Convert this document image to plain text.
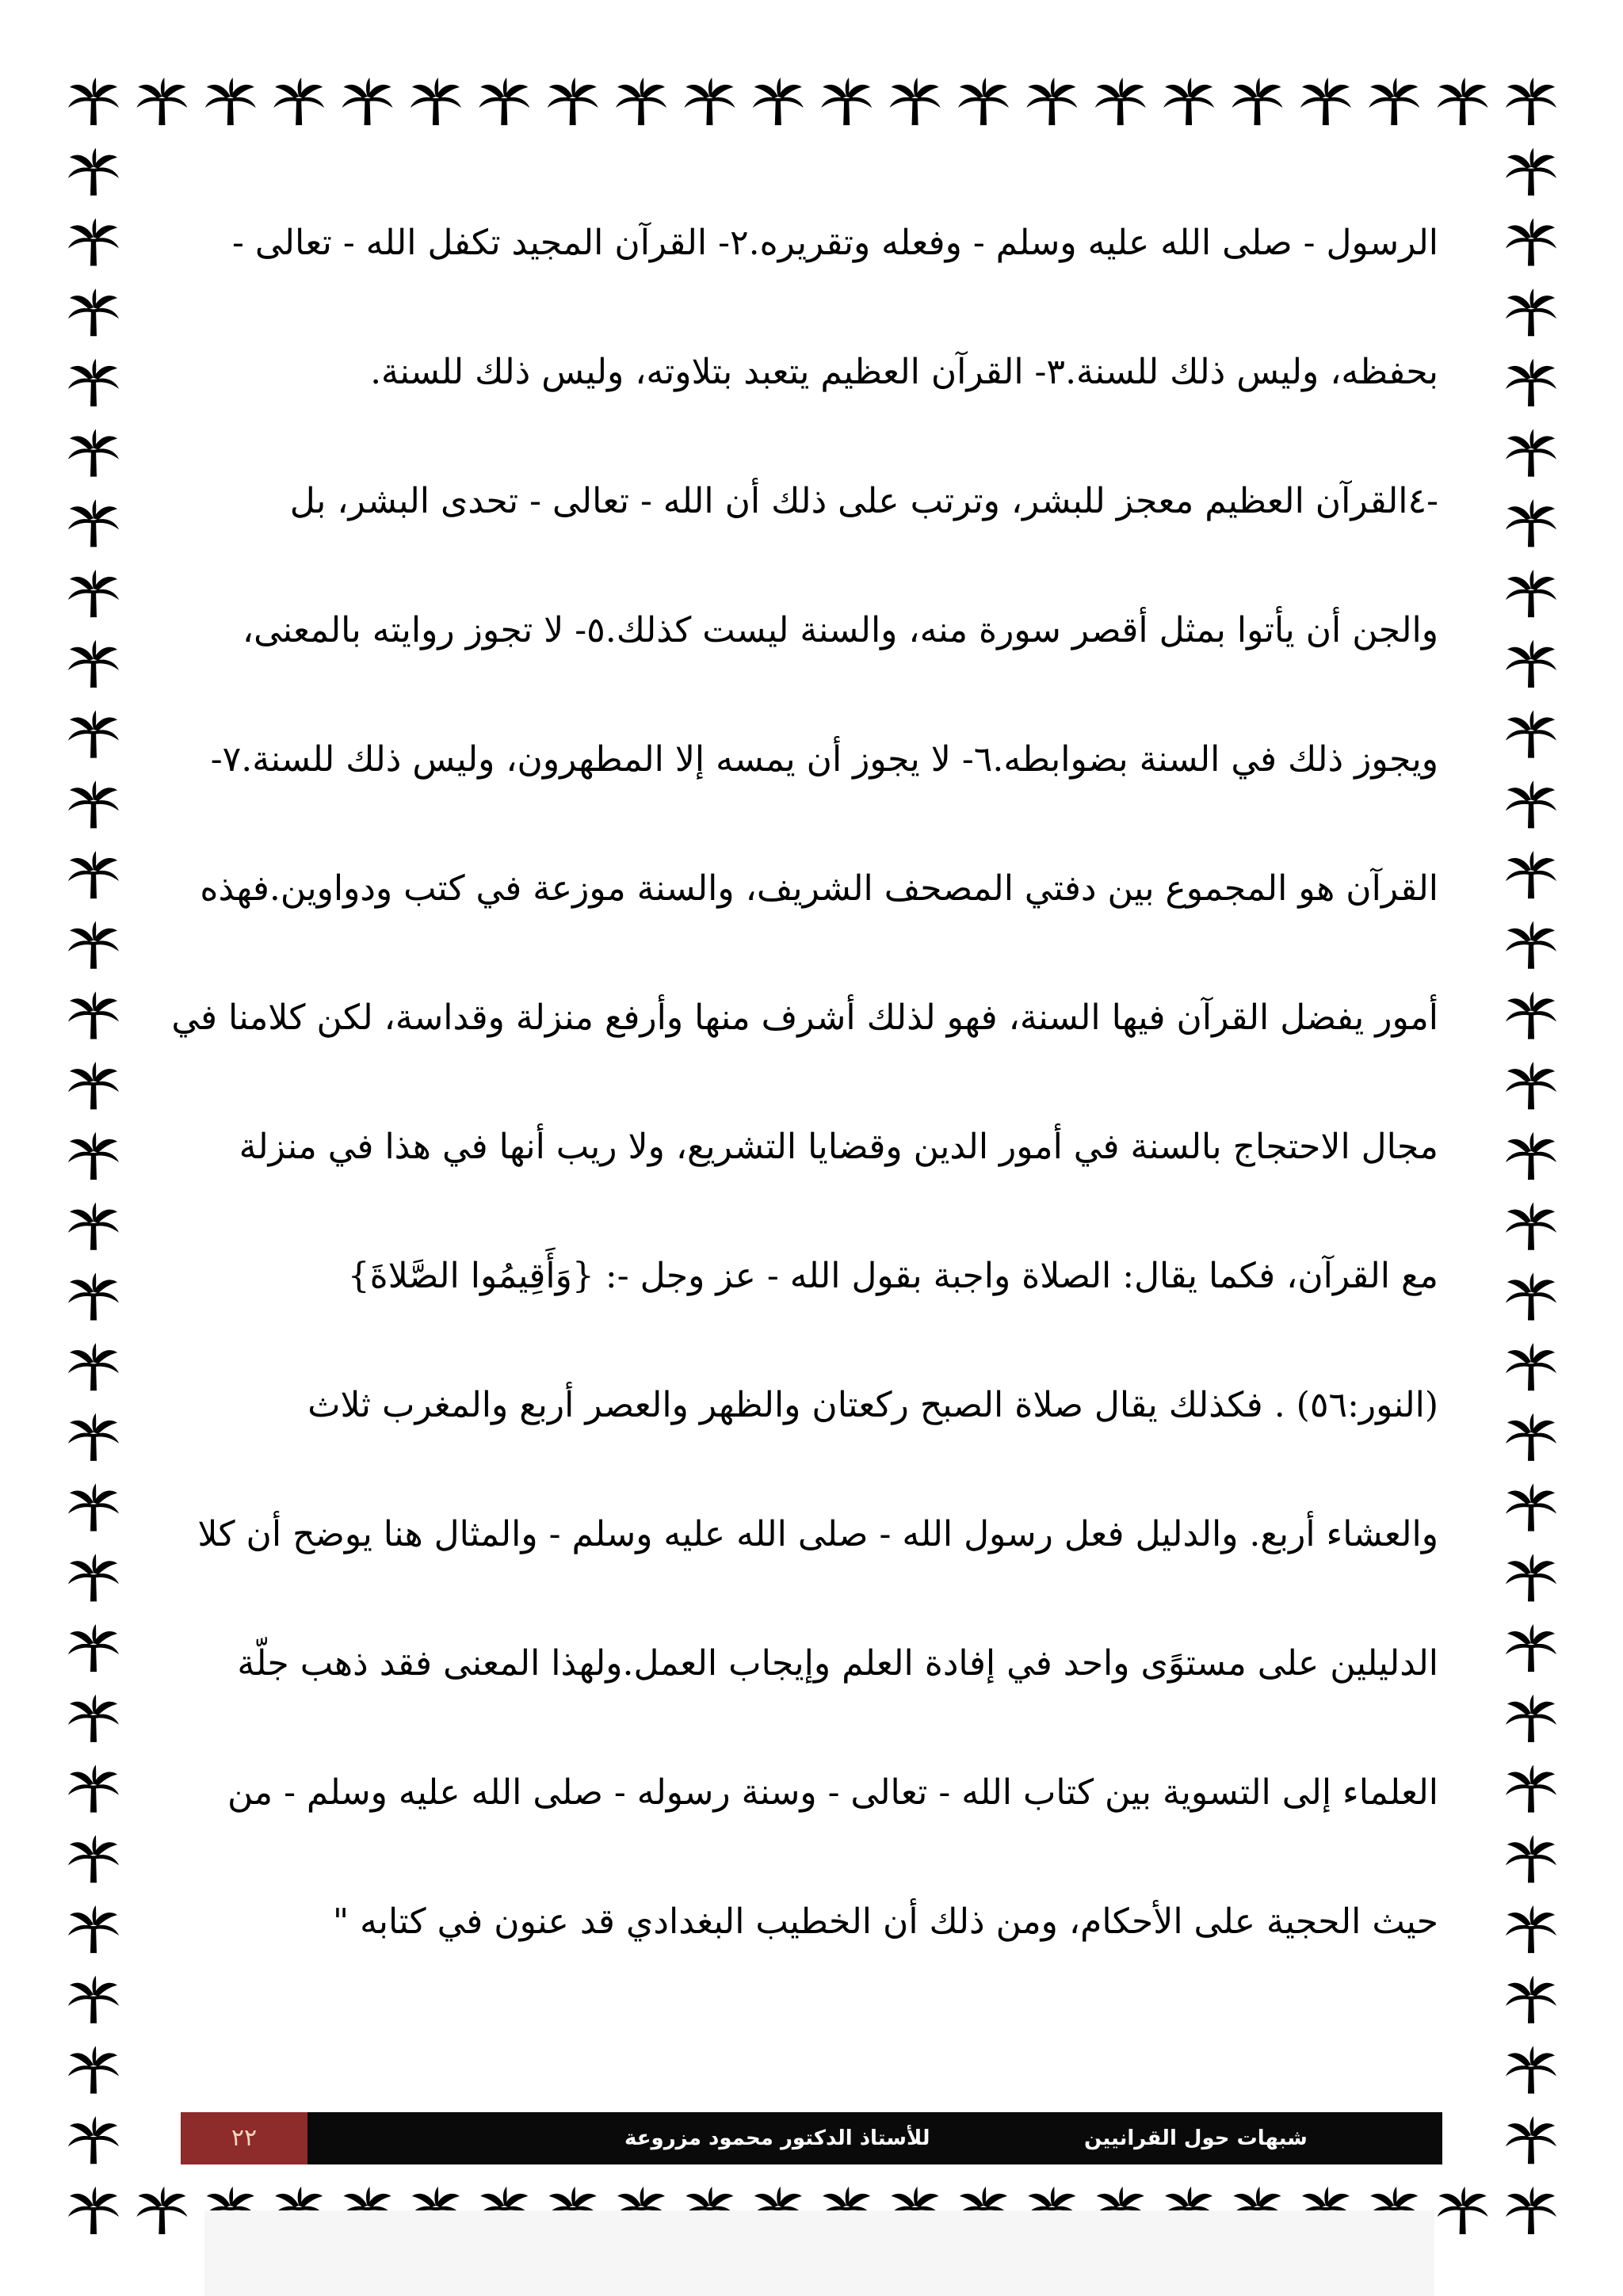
الرسول - صلى الله عليه وسلم - وفعله وتقريره.٢- القرآن المجيد تكفل الله - تعالى -
بحفظه، وليس ذلك للسنة.٣- القرآن العظيم يتعبد بتلاوته، وليس ذلك للسنة.
-٤القرآن العظيم معجز للبشر، وترتب على ذلك أن الله - تعالى - تحدى البشر، بل
والجن أن يأتوا بمثل أقصر سورة منه، والسنة ليست كذلك.٥- لا تجوز روايته بالمعنى،
ويجوز ذلك في السنة بضوابطه.٦- لا يجوز أن يمسه إلا المطهرون، وليس ذلك للسنة.٧-
القرآن هو المجموع بين دفتي المصحف الشريف، والسنة موزعة في كتب ودواوين.فهذه
أمور يفضل القرآن فيها السنة، فهو لذلك أشرف منها وأرفع منزلة وقداسة، لكن كلامنا في
مجال الاحتجاج بالسنة في أمور الدين وقضايا التشريع، ولا ريب أنها في هذا في منزلة
مع القرآن، فكما يقال: الصلاة واجبة بقول الله - عز وجل -: {وَأَقِيمُوا الصَّلاةَ}
(النور:٥٦) . فكذلك يقال صلاة الصبح ركعتان والظهر والعصر أربع والمغرب ثلاث
والعشاء أربع. والدليل فعل رسول الله - صلى الله عليه وسلم - والمثال هنا يوضح أن كلا
الدليلين على مستوًى واحد في إفادة العلم وإيجاب العمل.ولهذا المعنى فقد ذهب جلّة
العلماء إلى التسوية بين كتاب الله - تعالى - وسنة رسوله - صلى الله عليه وسلم - من
حيث الحجية على الأحكام، ومن ذلك أن الخطيب البغدادي قد عنون في كتابه "
٢٢	للأستاذ الدكتور محمود مزروعة	شبهات حول القرانيين
